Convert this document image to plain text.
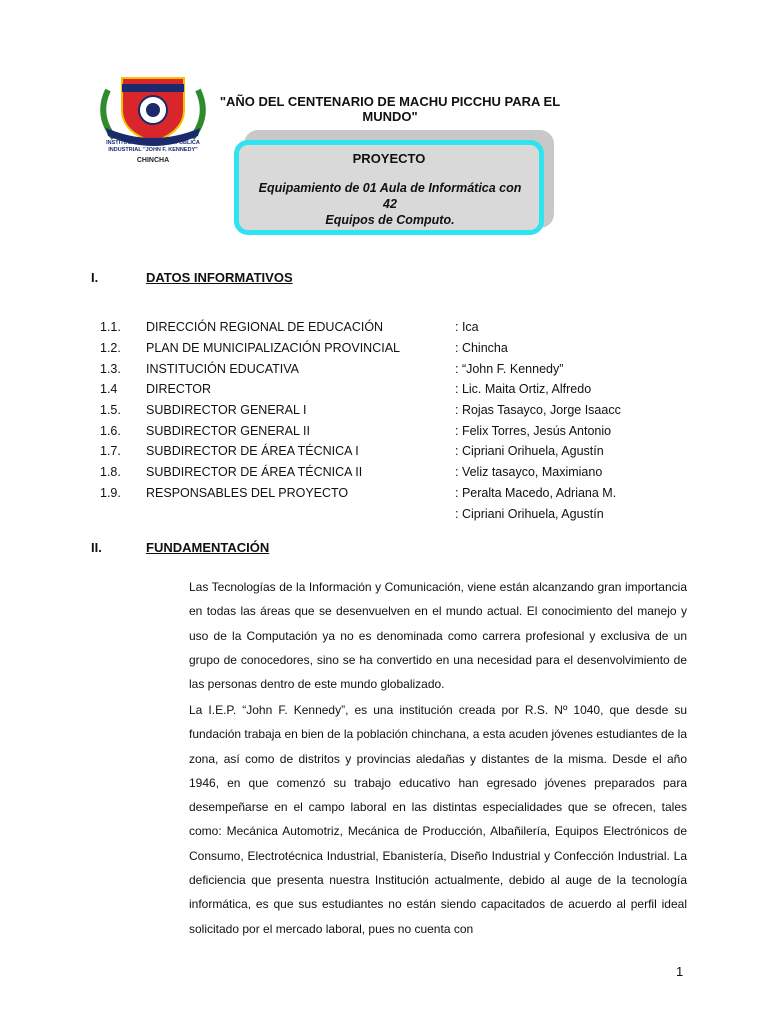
INSTITUCIÓN EDUCATIVA PÚBLICA
INDUSTRIAL "JOHN F. KENNEDY"
CHINCHA
"AÑO DEL CENTENARIO DE MACHU PICCHU PARA EL MUNDO"
PROYECTO
Equipamiento de 01 Aula de Informática con 42
Equipos de Computo.
I.	DATOS INFORMATIVOS
1.1. DIRECCIÓN REGIONAL DE EDUCACIÓN	: Ica
1.2. PLAN DE MUNICIPALIZACIÓN PROVINCIAL	: Chincha
1.3. INSTITUCIÓN EDUCATIVA	: “John F. Kennedy”
1.4 DIRECTOR	: Lic. Maita Ortiz, Alfredo
1.5. SUBDIRECTOR GENERAL I	: Rojas Tasayco, Jorge Isaacc
1.6. SUBDIRECTOR GENERAL II	: Felix Torres, Jesús Antonio
1.7. SUBDIRECTOR DE ÁREA TÉCNICA I	: Cipriani Orihuela, Agustín
1.8. SUBDIRECTOR DE ÁREA TÉCNICA II	: Veliz tasayco, Maximiano
1.9. RESPONSABLES DEL PROYECTO	: Peralta Macedo, Adriana M.
: Cipriani Orihuela, Agustín
II.	FUNDAMENTACIÓN
Las Tecnologías de la Información y Comunicación, viene están alcanzando gran importancia en todas las áreas que se desenvuelven en el mundo actual. El conocimiento del manejo y uso de la Computación ya no es denominada como carrera profesional y exclusiva de un grupo de conocedores, sino se ha convertido en una necesidad para el desenvolvimiento de las personas dentro de este mundo globalizado.
La I.E.P. “John F. Kennedy”, es una institución creada por R.S. Nº 1040, que desde su fundación trabaja en bien de la población chinchana, a esta acuden jóvenes estudiantes de la zona, así como de distritos y provincias aledañas y distantes de la misma. Desde el año 1946, en que comenzó su trabajo educativo han egresado jóvenes preparados para desempeñarse en el campo laboral en las distintas especialidades que se ofrecen, tales como: Mecánica Automotriz, Mecánica de Producción, Albañilería, Equipos Electrónicos de Consumo, Electrotécnica Industrial, Ebanistería, Diseño Industrial y Confección Industrial. La deficiencia que presenta nuestra Institución actualmente, debido al auge de la tecnología informática, es que sus estudiantes no están siendo capacitados de acuerdo al perfil ideal solicitado por el mercado laboral, pues no cuenta con
1
